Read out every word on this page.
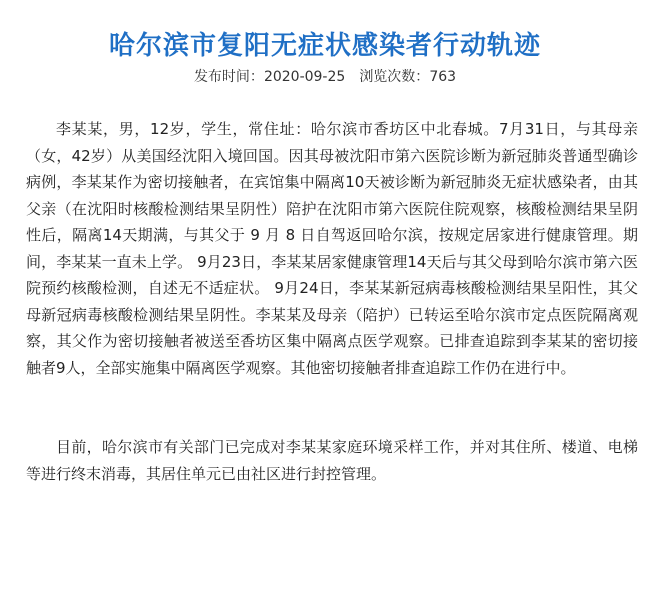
哈尔滨市复阳无症状感染者行动轨迹
发布时间：2020-09-25 浏览次数：763

李某某，男，12岁，学生，常住址：哈尔滨市香坊区中北春城。7月31日，与其母亲（女，42岁）从美国经沈阳入境回国。因其母被沈阳市第六医院诊断为新冠肺炎普通型确诊病例，李某某作为密切接触者，在宾馆集中隔离10天被诊断为新冠肺炎无症状感染者，由其父亲（在沈阳时核酸检测结果呈阴性）陪护在沈阳市第六医院住院观察，核酸检测结果呈阴性后，隔离14天期满，与其父于 9 月 8 日自驾返回哈尔滨，按规定居家进行健康管理。期间，李某某一直未上学。 9月23日，李某某居家健康管理14天后与其父母到哈尔滨市第六医院预约核酸检测，自述无不适症状。 9月24日，李某某新冠病毒核酸检测结果呈阳性，其父母新冠病毒核酸检测结果呈阴性。李某某及母亲（陪护）已转运至哈尔滨市定点医院隔离观察，其父作为密切接触者被送至香坊区集中隔离点医学观察。已排查追踪到李某某的密切接触者9人，全部实施集中隔离医学观察。其他密切接触者排查追踪工作仍在进行中。

目前，哈尔滨市有关部门已完成对李某某家庭环境采样工作，并对其住所、楼道、电梯等进行终末消毒，其居住单元已由社区进行封控管理。
